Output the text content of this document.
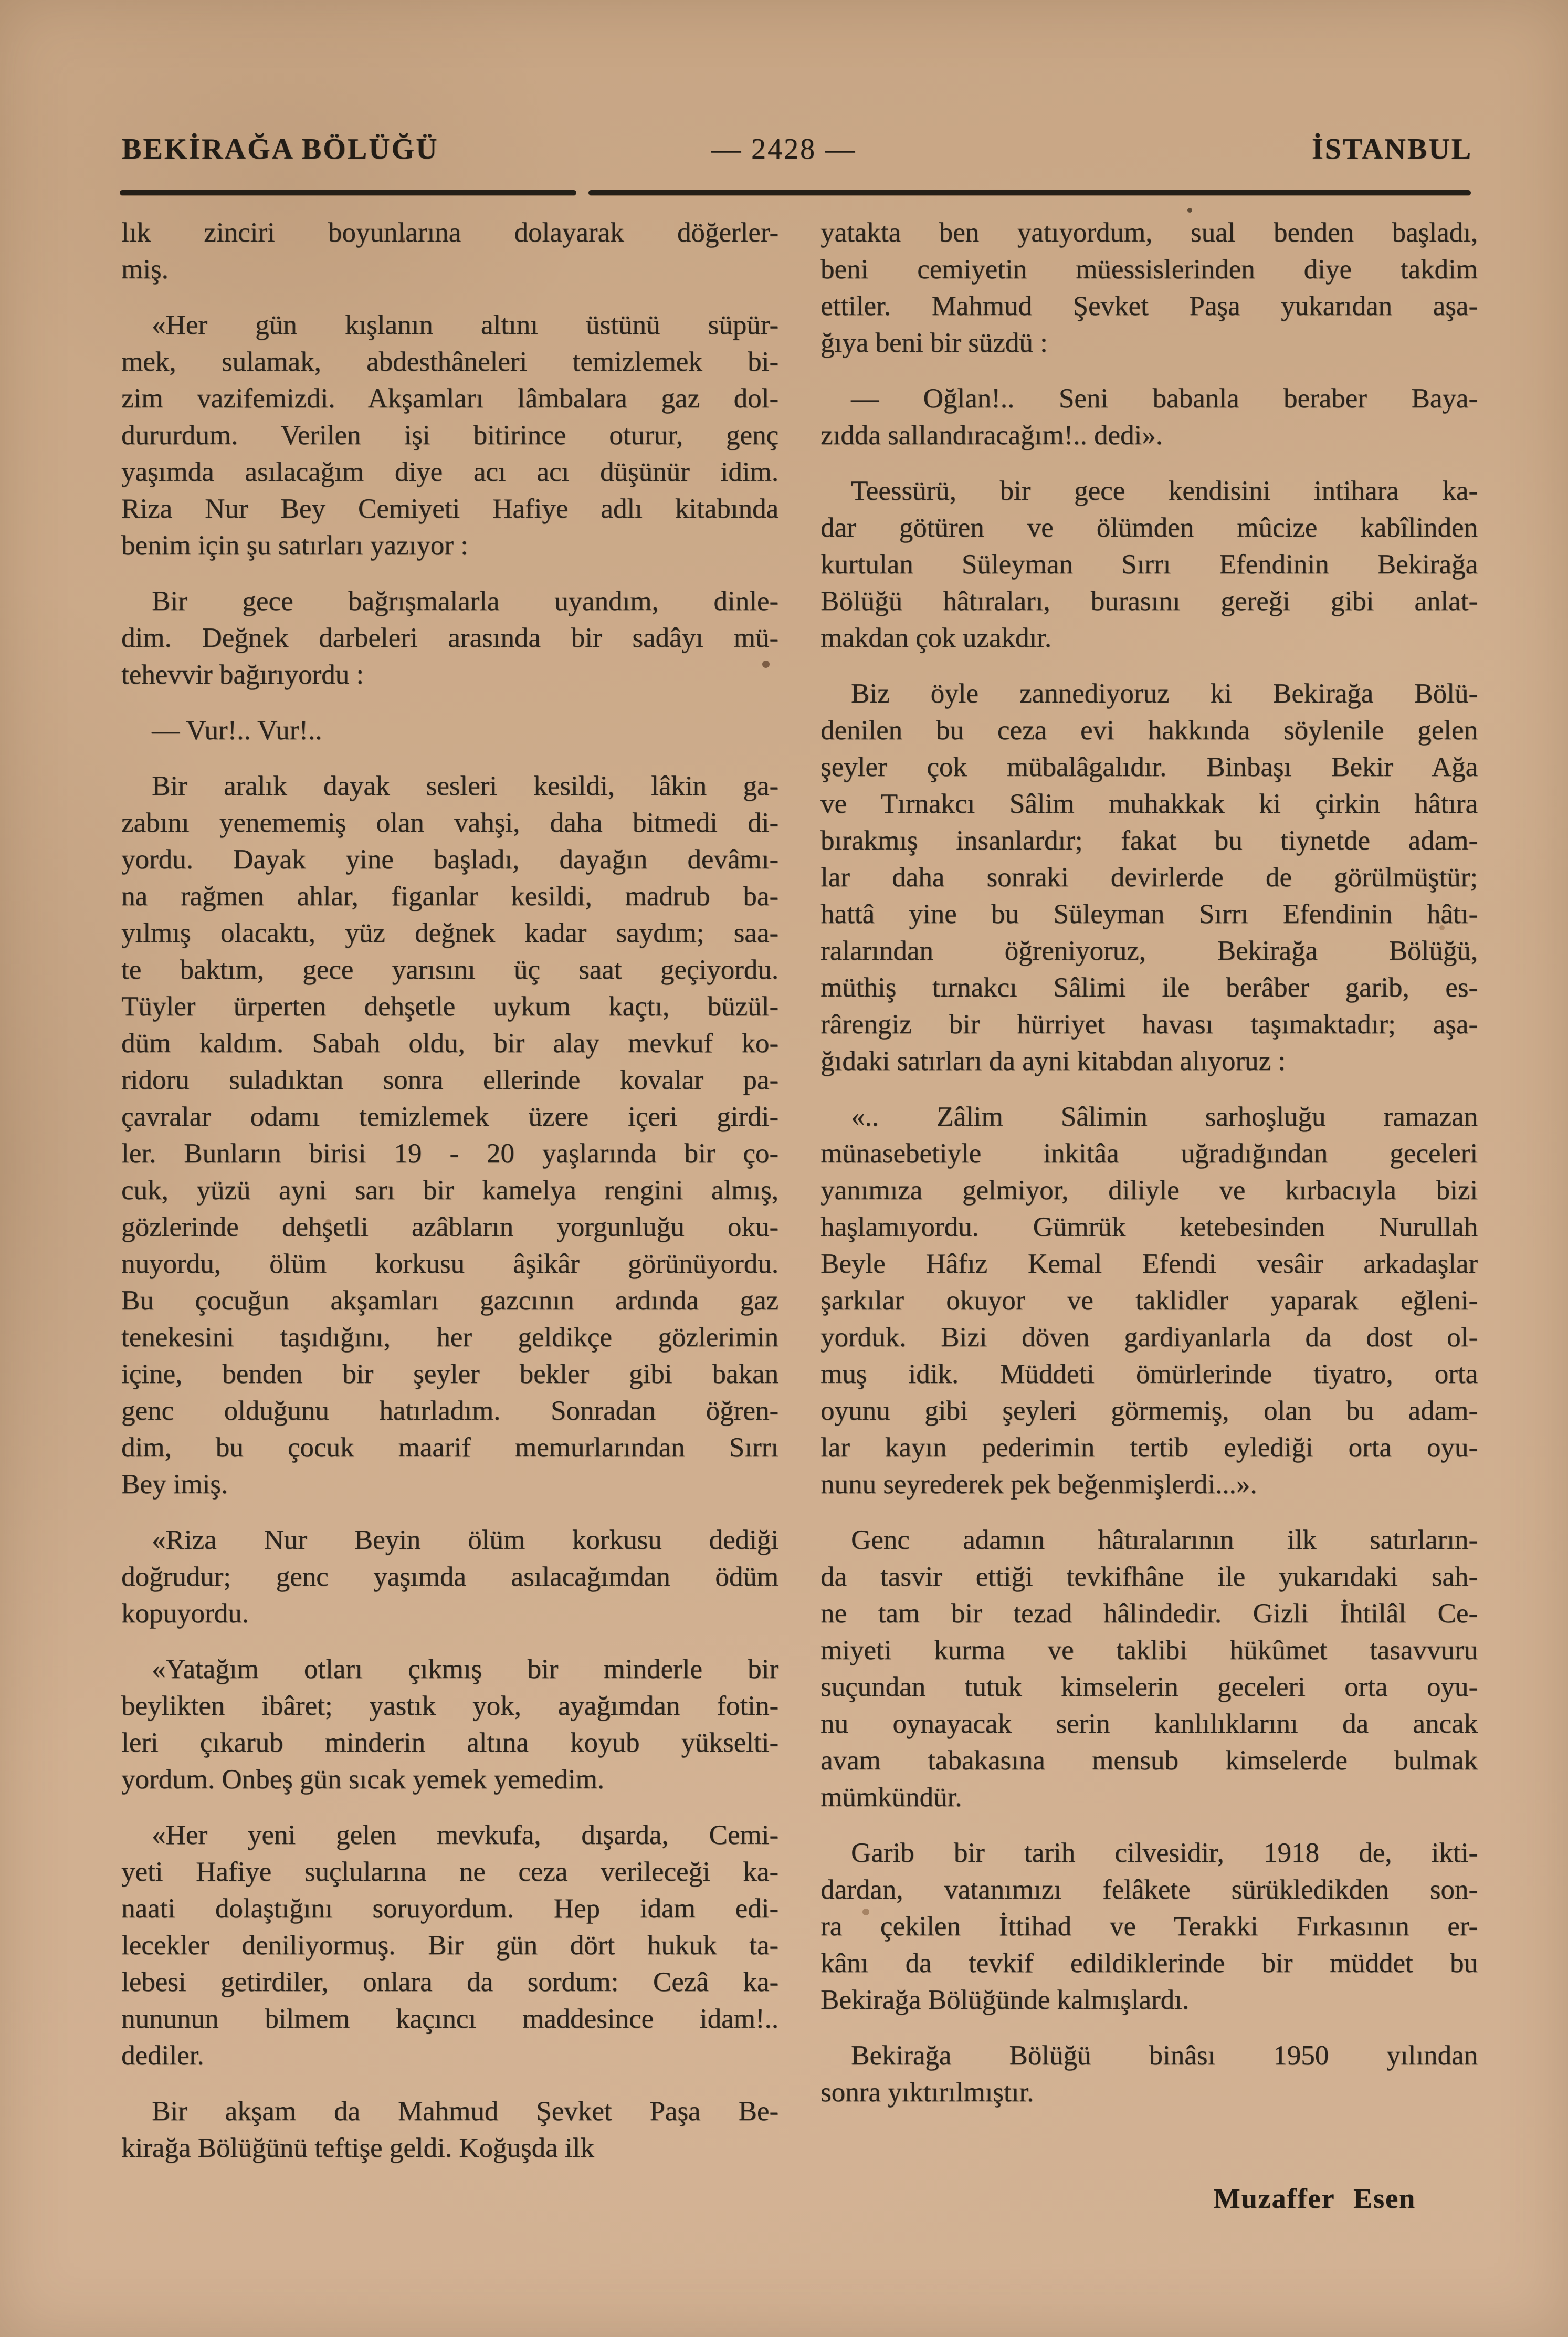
BEKİRAĞA BÖLÜĞÜ	— 2428 —	İSTANBUL

lık zinciri boyunlarına dolayarak döğerler-
miş.

«Her gün kışlanın altını üstünü süpür-
mek, sulamak, abdesthâneleri temizlemek bi-
zim vazifemizdi. Akşamları lâmbalara gaz dol-
dururdum. Verilen işi bitirince oturur, genç
yaşımda asılacağım diye acı acı düşünür idim.
Riza Nur Bey Cemiyeti Hafiye adlı kitabında
benim için şu satırları yazıyor :

Bir gece bağrışmalarla uyandım, dinle-
dim. Değnek darbeleri arasında bir sadâyı mü-
tehevvir bağırıyordu :

— Vur!.. Vur!..

Bir aralık dayak sesleri kesildi, lâkin ga-
zabını yenememiş olan vahşi, daha bitmedi di-
yordu. Dayak yine başladı, dayağın devâmı-
na rağmen ahlar, figanlar kesildi, madrub ba-
yılmış olacaktı, yüz değnek kadar saydım; saa-
te baktım, gece yarısını üç saat geçiyordu.
Tüyler ürperten dehşetle uykum kaçtı, büzül-
düm kaldım. Sabah oldu, bir alay mevkuf ko-
ridoru suladıktan sonra ellerinde kovalar pa-
çavralar odamı temizlemek üzere içeri girdi-
ler. Bunların birisi 19 - 20 yaşlarında bir ço-
cuk, yüzü ayni sarı bir kamelya rengini almış,
gözlerinde dehşetli azâbların yorgunluğu oku-
nuyordu, ölüm korkusu âşikâr görünüyordu.
Bu çocuğun akşamları gazcının ardında gaz
tenekesini taşıdığını, her geldikçe gözlerimin
içine, benden bir şeyler bekler gibi bakan
genc olduğunu hatırladım. Sonradan öğren-
dim, bu çocuk maarif memurlarından Sırrı
Bey imiş.

«Riza Nur Beyin ölüm korkusu dediği
doğrudur; genc yaşımda asılacağımdan ödüm
kopuyordu.

«Yatağım otları çıkmış bir minderle bir
beylikten ibâret; yastık yok, ayağımdan fotin-
leri çıkarub minderin altına koyub yükselti-
yordum. Onbeş gün sıcak yemek yemedim.

«Her yeni gelen mevkufa, dışarda, Cemi-
yeti Hafiye suçlularına ne ceza verileceği ka-
naati dolaştığını soruyordum. Hep idam edi-
lecekler deniliyormuş. Bir gün dört hukuk ta-
lebesi getirdiler, onlara da sordum: Cezâ ka-
nununun bilmem kaçıncı maddesince idam!..
dediler.

Bir akşam da Mahmud Şevket Paşa Be-
kirağa Bölüğünü teftişe geldi. Koğuşda ilk

yatakta ben yatıyordum, sual benden başladı,
beni cemiyetin müessislerinden diye takdim
ettiler. Mahmud Şevket Paşa yukarıdan aşa-
ğıya beni bir süzdü :

— Oğlan!.. Seni babanla beraber Baya-
zıdda sallandıracağım!.. dedi».

Teessürü, bir gece kendisini intihara ka-
dar götüren ve ölümden mûcize kabîlinden
kurtulan Süleyman Sırrı Efendinin Bekirağa
Bölüğü hâtıraları, burasını gereği gibi anlat-
makdan çok uzakdır.

Biz öyle zannediyoruz ki Bekirağa Bölü-
denilen bu ceza evi hakkında söylenile gelen
şeyler çok mübalâgalıdır. Binbaşı Bekir Ağa
ve Tırnakcı Sâlim muhakkak ki çirkin hâtıra
bırakmış insanlardır; fakat bu tiynetde adam-
lar daha sonraki devirlerde de görülmüştür;
hattâ yine bu Süleyman Sırrı Efendinin hâtı-
ralarından öğreniyoruz, Bekirağa Bölüğü,
müthiş tırnakcı Sâlimi ile berâber garib, es-
rârengiz bir hürriyet havası taşımaktadır; aşa-
ğıdaki satırları da ayni kitabdan alıyoruz :

«.. Zâlim Sâlimin sarhoşluğu ramazan
münasebetiyle inkitâa uğradığından geceleri
yanımıza gelmiyor, diliyle ve kırbacıyla bizi
haşlamıyordu. Gümrük ketebesinden Nurullah
Beyle Hâfız Kemal Efendi vesâir arkadaşlar
şarkılar okuyor ve taklidler yaparak eğleni-
yorduk. Bizi döven gardiyanlarla da dost ol-
muş idik. Müddeti ömürlerinde tiyatro, orta
oyunu gibi şeyleri görmemiş, olan bu adam-
lar kayın pederimin tertib eylediği orta oyu-
nunu seyrederek pek beğenmişlerdi...».

Genc adamın hâtıralarının ilk satırların-
da tasvir ettiği tevkifhâne ile yukarıdaki sah-
ne tam bir tezad hâlindedir. Gizli İhtilâl Ce-
miyeti kurma ve taklibi hükûmet tasavvuru
suçundan tutuk kimselerin geceleri orta oyu-
nu oynayacak serin kanlılıklarını da ancak
avam tabakasına mensub kimselerde bulmak
mümkündür.

Garib bir tarih cilvesidir, 1918 de, ikti-
dardan, vatanımızı felâkete sürükledikden son-
ra çekilen İttihad ve Terakki Fırkasının er-
kânı da tevkif edildiklerinde bir müddet bu
Bekirağa Bölüğünde kalmışlardı.

Bekirağa Bölüğü binâsı 1950 yılından
sonra yıktırılmıştır.

Muzaffer Esen
